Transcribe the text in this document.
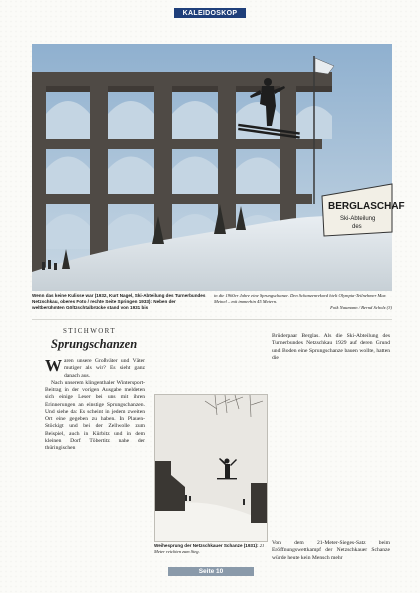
KALEIDOSKOP
BERGLASCHAF
Ski-Abteilung
des
Wenn das keine Kulisse war (1932, Kurt Nagel, Ski-Abteilung des Turnerbundes Netzschkau, oberes Foto / rechte Seite Springen 1933): Neben der weltberühmten Göltzschtalbrücke stand von 1931 bis
in die 1960er Jahre eine Sprungschanze. Den Schanzenrekord hielt Olympia-Teilnehmer Max Meinel – mit immerhin 45 Metern.
Fotk Naumann / Bernd Scholz (3)
STICHWORT
Sprungschanzen

Waren unsere Großväter und Väter mutiger als wir? Es sieht ganz danach aus.

Nach unserem klingenthaler Wintersport-Beitrag in der vorigen Ausgabe meldeten sich einige Leser bei uns mit ihren Erinnerungen an einstige Sprungschanzen. Und siehe da: Es scheint in jedem zweiten Ort eine gegeben zu haben. In Plauen-Stöckigt und bei der Zellwolle zum Beispiel, auch in Kürbitz und in dem kleinen Dorf Töbertitz nahe der thüringischen

Weihesprung der Netzschkauer Schanze (1931): 21 Meter reichten zum Sieg.
Brüderpaar Berglas. Als die Ski-Abteilung des Turnerbundes Netzschkau 1929 auf deren Grund und Boden eine Sprungschanze bauen wollte, hatten die
Von dem 21-Meter-Sieges-Satz beim Eröffnungswettkampf der Netzschkauer Schanze würde heute kein Mensch mehr
Seite 10
